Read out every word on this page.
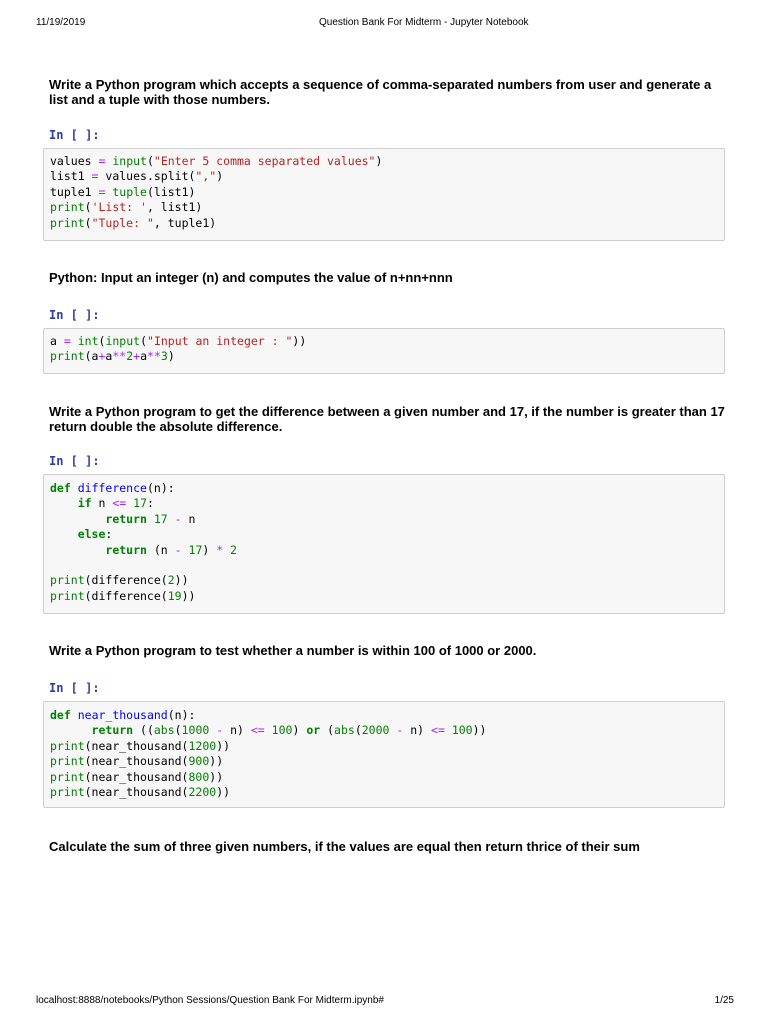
11/19/2019	Question Bank For Midterm - Jupyter Notebook
Write a Python program which accepts a sequence of comma-separated numbers from user and generate a list and a tuple with those numbers.
In [ ]:
values = input("Enter 5 comma separated values")
list1 = values.split(",")
tuple1 = tuple(list1)
print('List: ', list1)
print("Tuple: ", tuple1)
Python: Input an integer (n) and computes the value of n+nn+nnn
In [ ]:
a = int(input("Input an integer : "))
print(a+a**2+a**3)
Write a Python program to get the difference between a given number and 17, if the number is greater than 17 return double the absolute difference.
In [ ]:
def difference(n):
if n <= 17:
return 17 - n
else:
return (n - 17) * 2
print(difference(2))
print(difference(19))
Write a Python program to test whether a number is within 100 of 1000 or 2000.
In [ ]:
def near_thousand(n):
return ((abs(1000 - n) <= 100) or (abs(2000 - n) <= 100))
print(near_thousand(1200))
print(near_thousand(900))
print(near_thousand(800))
print(near_thousand(2200))
Calculate the sum of three given numbers, if the values are equal then return thrice of their sum
localhost:8888/notebooks/Python Sessions/Question Bank For Midterm.ipynb#	1/25
